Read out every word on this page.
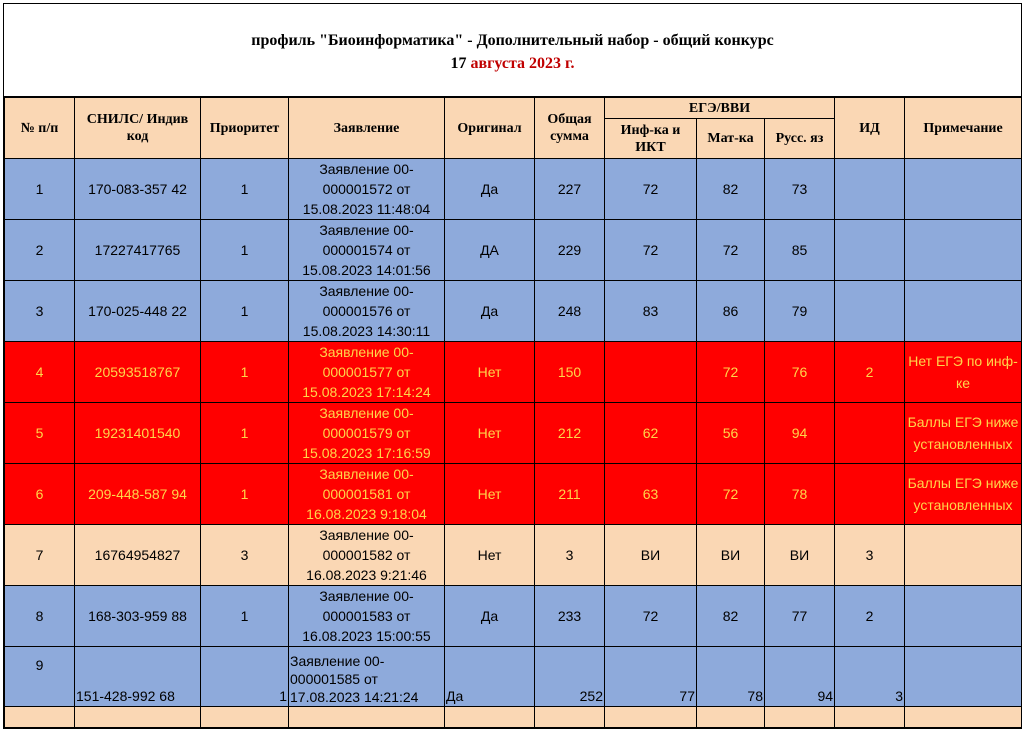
профиль "Биоинформатика" - Дополнительный набор - общий конкурс
17 августа 2023 г.
№ п/п	СНИЛС/ Индив код	Приоритет	Заявление	Оригинал	Общая сумма	ЕГЭ/ВВИ			ИД	Примечание
						Инф-ка и ИКТ	Мат-ка	Русс. яз		
1	170-083-357 42	1	Заявление 00-
000001572 от
15.08.2023 11:48:04	Да	227	72	82	73		
2	17227417765	1	Заявление 00-
000001574 от
15.08.2023 14:01:56	ДА	229	72	72	85		
3	170-025-448 22	1	Заявление 00-
000001576 от
15.08.2023 14:30:11	Да	248	83	86	79		
4	20593518767	1	Заявление 00-
000001577 от
15.08.2023 17:14:24	Нет	150		72	76	2	Нет ЕГЭ по инф-ке
5	19231401540	1	Заявление 00-
000001579 от
15.08.2023 17:16:59	Нет	212	62	56	94		Баллы ЕГЭ ниже установленных
6	209-448-587 94	1	Заявление 00-
000001581 от
16.08.2023 9:18:04	Нет	211	63	72	78		Баллы ЕГЭ ниже установленных
7	16764954827	3	Заявление 00-
000001582 от
16.08.2023 9:21:46	Нет	3	ВИ	ВИ	ВИ	3	
8	168-303-959 88	1	Заявление 00-
000001583 от
16.08.2023 15:00:55	Да	233	72	82	77	2	
9	151-428-992 68	1	Заявление 00-
000001585 от
17.08.2023 14:21:24	Да	252	77	78	94	3	
